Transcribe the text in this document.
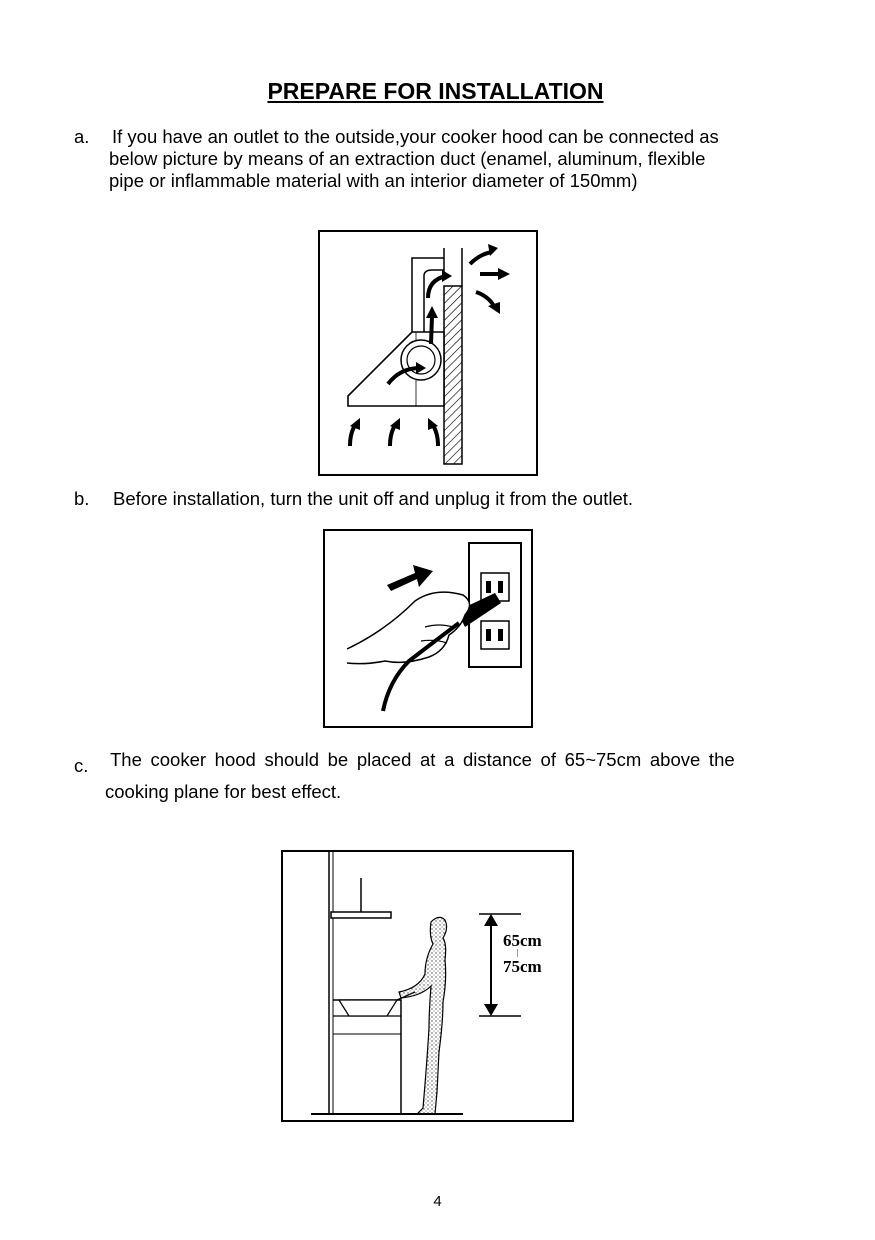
PREPARE FOR INSTALLATION
a. If you have an outlet to the outside,your cooker hood can be connected as
below picture by means of an extraction duct (enamel, aluminum, flexible
pipe or inflammable material with an interior diameter of 150mm)
b. Before installation, turn the unit off and unplug it from the outlet.
c. The cooker hood should be placed at a distance of 65~75cm above the
cooking plane for best effect.
65cm
|
75cm
4
